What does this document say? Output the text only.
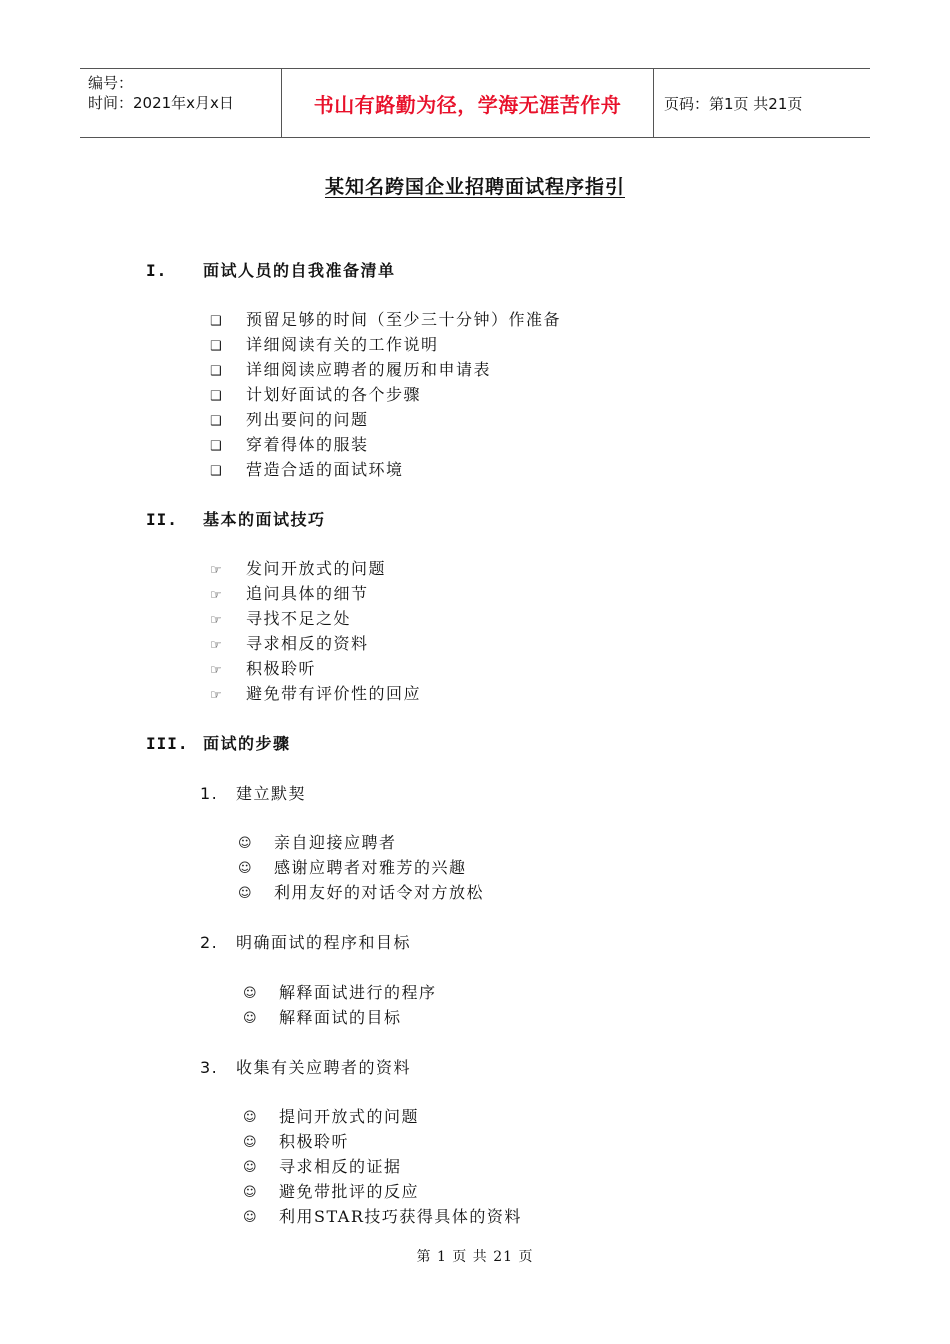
编号：
时间：2021年x月x日	书山有路勤为径，学海无涯苦作舟	页码：第1页 共21页
某知名跨国企业招聘面试程序指引
I. 面试人员的自我准备清单
❑ 预留足够的时间（至少三十分钟）作准备
❑ 详细阅读有关的工作说明
❑ 详细阅读应聘者的履历和申请表
❑ 计划好面试的各个步骤
❑ 列出要问的问题
❑ 穿着得体的服装
❑ 营造合适的面试环境
II. 基本的面试技巧
☞ 发问开放式的问题
☞ 追问具体的细节
☞ 寻找不足之处
☞ 寻求相反的资料
☞ 积极聆听
☞ 避免带有评价性的回应
III. 面试的步骤
1. 建立默契
☺ 亲自迎接应聘者
☺ 感谢应聘者对雅芳的兴趣
☺ 利用友好的对话令对方放松
2. 明确面试的程序和目标
☺ 解释面试进行的程序
☺ 解释面试的目标
3. 收集有关应聘者的资料
☺ 提问开放式的问题
☺ 积极聆听
☺ 寻求相反的证据
☺ 避免带批评的反应
☺ 利用STAR技巧获得具体的资料
第 1 页 共 21 页
